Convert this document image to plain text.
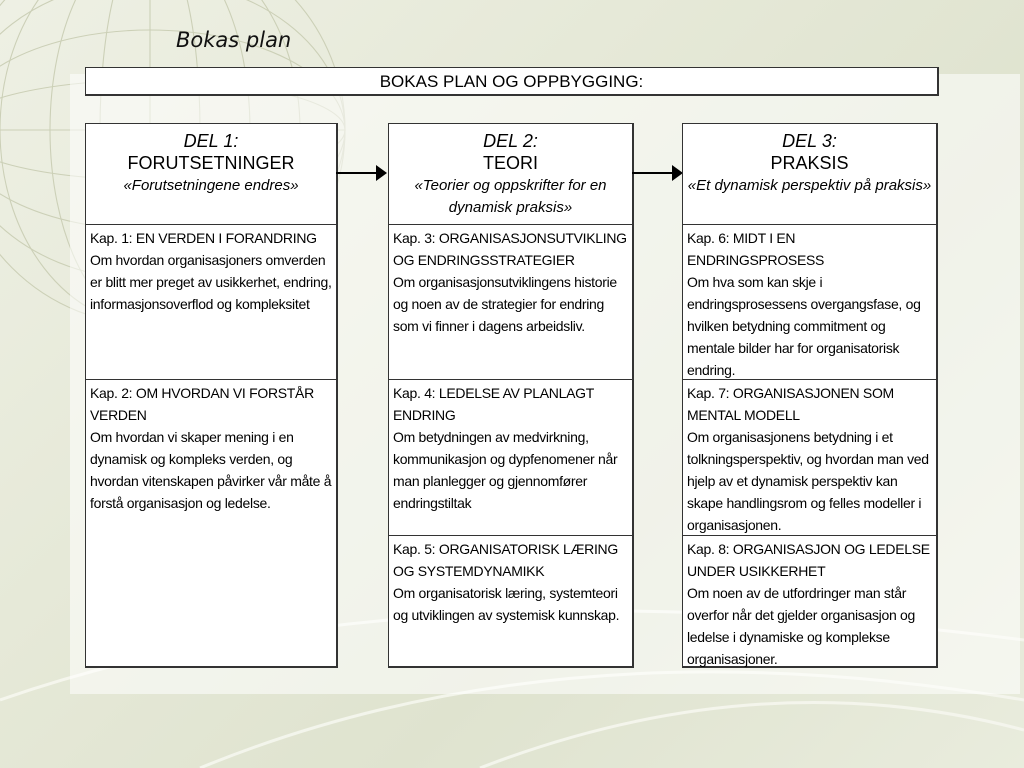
Bokas plan
BOKAS PLAN OG OPPBYGGING:
DEL 1:
FORUTSETNINGER
«Forutsetningene endres»

Kap. 1: EN VERDEN I FORANDRING

Om hvordan organisasjoners omverden er blitt mer preget av usikkerhet, endring, informasjonsoverflod og kompleksitet

Kap. 2: OM HVORDAN VI FORSTÅR VERDEN

Om hvordan vi skaper mening i en dynamisk og kompleks verden, og hvordan vitenskapen påvirker vår måte å forstå organisasjon og ledelse.

DEL 2:
TEORI
«Teorier og oppskrifter for en dynamisk praksis»

Kap. 3: ORGANISASJONSUTVIKLING OG ENDRINGSSTRATEGIER

Om organisasjonsutviklingens historie og noen av de strategier for endring som vi finner i dagens arbeidsliv.

Kap. 4: LEDELSE AV PLANLAGT ENDRING

Om betydningen av medvirkning, kommunikasjon og dypfenomener når man planlegger og gjennomfører endringstiltak

Kap. 5: ORGANISATORISK LÆRING OG SYSTEMDYNAMIKK

Om organisatorisk læring, systemteori og utviklingen av systemisk kunnskap.

DEL 3:
PRAKSIS
«Et dynamisk perspektiv på praksis»

Kap. 6: MIDT I EN ENDRINGSPROSESS

Om hva som kan skje i endringsprosessens overgangsfase, og hvilken betydning commitment og mentale bilder har for organisatorisk endring.

Kap. 7: ORGANISASJONEN SOM MENTAL MODELL

Om organisasjonens betydning i et tolkningsperspektiv, og hvordan man ved hjelp av et dynamisk perspektiv kan skape handlingsrom og felles modeller i organisasjonen.

Kap. 8: ORGANISASJON OG LEDELSE UNDER USIKKERHET

Om noen av de utfordringer man står overfor når det gjelder organisasjon og ledelse i dynamiske og komplekse organisasjoner.
